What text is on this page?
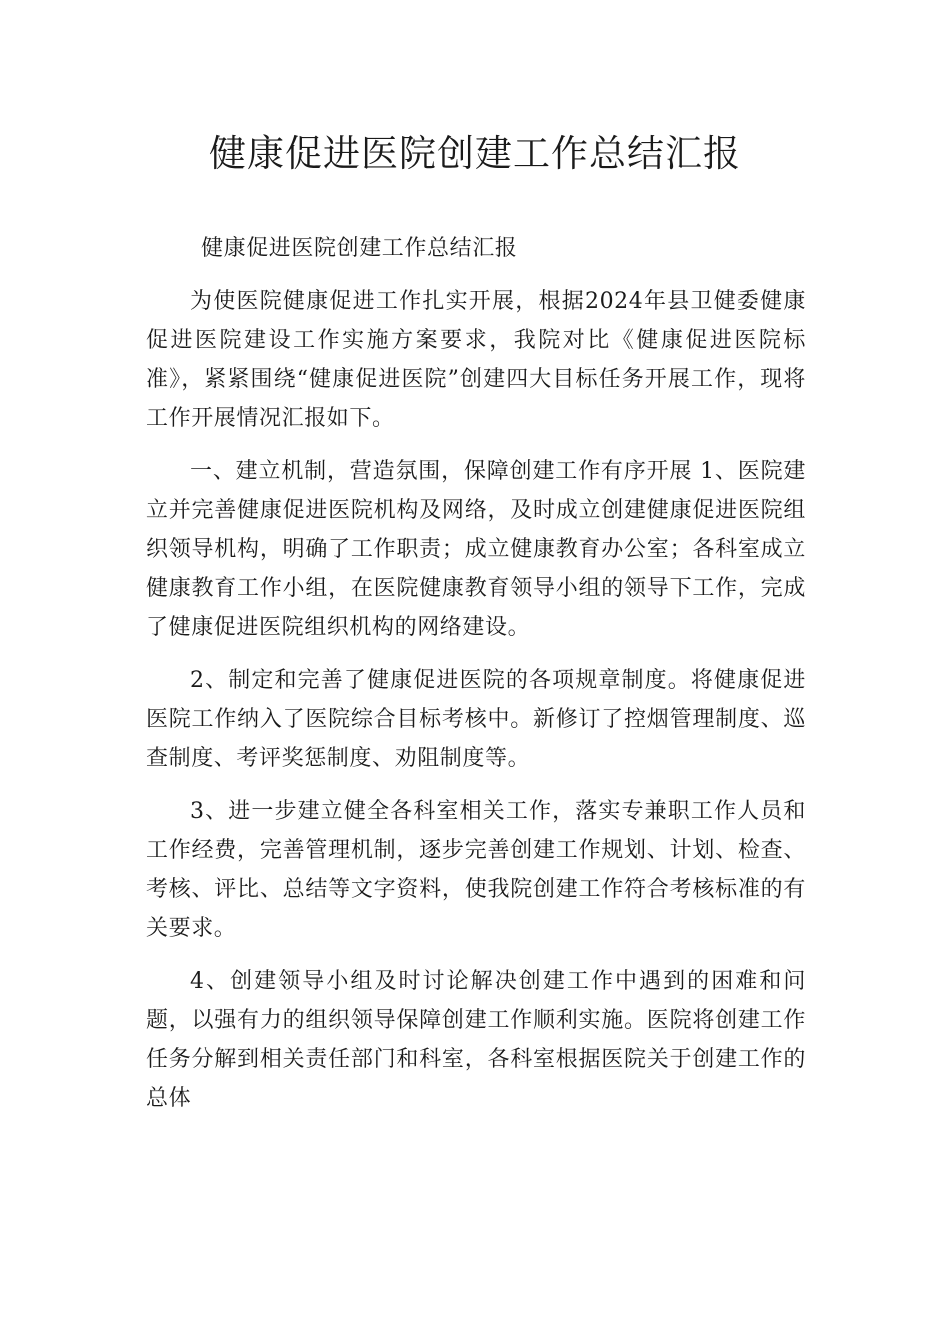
健康促进医院创建工作总结汇报

健康促进医院创建工作总结汇报

为使医院健康促进工作扎实开展，根据2024年县卫健委健康促进医院建设工作实施方案要求，我院对比《健康促进医院标准》，紧紧围绕“健康促进医院”创建四大目标任务开展工作，现将工作开展情况汇报如下。

一、建立机制，营造氛围，保障创建工作有序开展 1、医院建立并完善健康促进医院机构及网络，及时成立创建健康促进医院组织领导机构，明确了工作职责；成立健康教育办公室；各科室成立健康教育工作小组，在医院健康教育领导小组的领导下工作，完成了健康促进医院组织机构的网络建设。

2、制定和完善了健康促进医院的各项规章制度。将健康促进医院工作纳入了医院综合目标考核中。新修订了控烟管理制度、巡查制度、考评奖惩制度、劝阻制度等。

3、进一步建立健全各科室相关工作，落实专兼职工作人员和工作经费，完善管理机制，逐步完善创建工作规划、计划、检查、考核、评比、总结等文字资料，使我院创建工作符合考核标准的有关要求。

4、创建领导小组及时讨论解决创建工作中遇到的困难和问题，以强有力的组织领导保障创建工作顺利实施。医院将创建工作任务分解到相关责任部门和科室，各科室根据医院关于创建工作的总体
